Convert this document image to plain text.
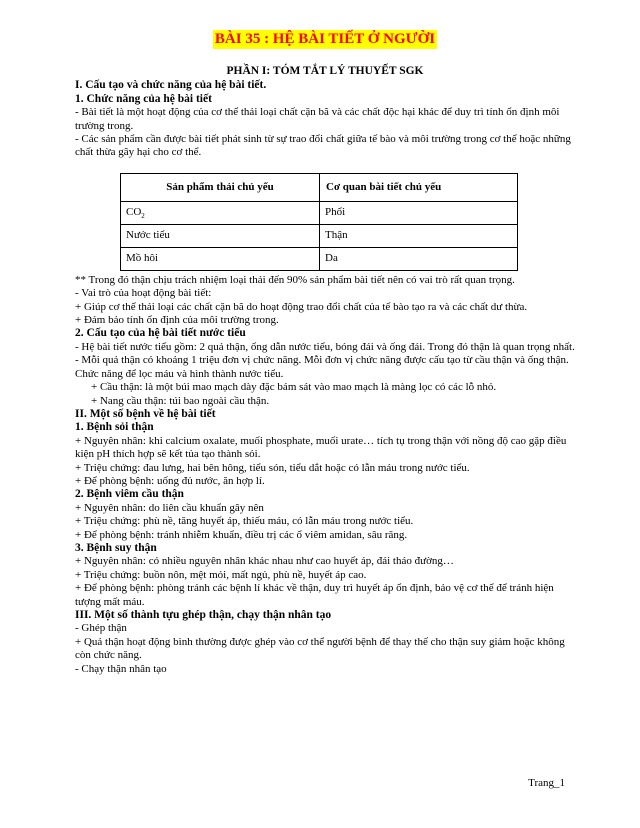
BÀI 35 : HỆ BÀI TIẾT Ở NGƯỜI
PHẦN I: TÓM TẮT LÝ THUYẾT SGK
I. Cấu tạo và chức năng của hệ bài tiết.
1. Chức năng của hệ bài tiết

- Bài tiết là một hoạt động của cơ thể thải loại chất cặn bã và các chất độc hại khác để duy trì tính ổn định môi trường trong.

- Các sản phẩm cần được bài tiết phát sinh từ sự trao đổi chất giữa tế bào và môi trường trong cơ thể hoặc những chất thừa gây hại cho cơ thể.

Sản phẩm thải chủ yếu	Cơ quan bài tiết chủ yếu
$CO_2$	Phổi
Nước tiểu	Thận
Mồ hôi	Da

** Trong đó thận chịu trách nhiệm loại thải đến 90% sản phẩm bài tiết nên có vai trò rất quan trọng.

- Vai trò của hoạt động bài tiết:

+ Giúp cơ thể thải loại các chất cặn bã do hoạt động trao đổi chất của tế bào tạo ra và các chất dư thừa.

+ Đảm bảo tính ổn định của môi trường trong.

2. Cấu tạo của hệ bài tiết nước tiểu

- Hệ bài tiết nước tiểu gồm: 2 quả thận, ống dẫn nước tiểu, bóng đái và ống đái. Trong đó thận là quan trọng nhất.

- Mỗi quả thận có khoảng 1 triệu đơn vị chức năng. Mỗi đơn vị chức năng được cấu tạo từ cầu thận và ống thận. Chức năng để lọc máu và hình thành nước tiểu.

+ Cầu thận: là một búi mao mạch dày đặc bám sát vào mao mạch là màng lọc có các lỗ nhỏ.

+ Nang cầu thận: túi bao ngoài cầu thận.

II. Một số bệnh về hệ bài tiết
1. Bệnh sỏi thận

+ Nguyên nhân: khi calcium oxalate, muối phosphate, muối urate… tích tụ trong thận với nồng độ cao gặp điều kiện pH thích hợp sẽ kết tủa tạo thành sỏi.

+ Triệu chứng: đau lưng, hai bên hông, tiểu són, tiểu dắt hoặc có lẫn máu trong nước tiểu.

+ Để phòng bệnh: uống đủ nước, ăn hợp lí.

2. Bệnh viêm cầu thận

+ Nguyên nhân: do liên cầu khuẩn gây nên

+ Triệu chứng: phù nề, tăng huyết áp, thiếu máu, có lẫn máu trong nước tiểu.

+ Để phòng bệnh: tránh nhiễm khuẩn, điều trị các ổ viêm amidan, sâu răng.

3. Bệnh suy thận

+ Nguyên nhân: có nhiều nguyên nhân khác nhau như cao huyết áp, đái tháo đường…

+ Triệu chứng: buồn nôn, mệt mỏi, mất ngủ, phù nề, huyết áp cao.

+ Để phòng bệnh: phòng tránh các bệnh lí khác về thận, duy trì huyết áp ổn định, bảo vệ cơ thể để tránh hiện tượng mất máu.

III. Một số thành tựu ghép thận, chạy thận nhân tạo

- Ghép thận

+ Quả thận hoạt động bình thường được ghép vào cơ thể người bệnh để thay thế cho thận suy giảm hoặc không còn chức năng.

- Chạy thận nhân tạo

Trang_1
